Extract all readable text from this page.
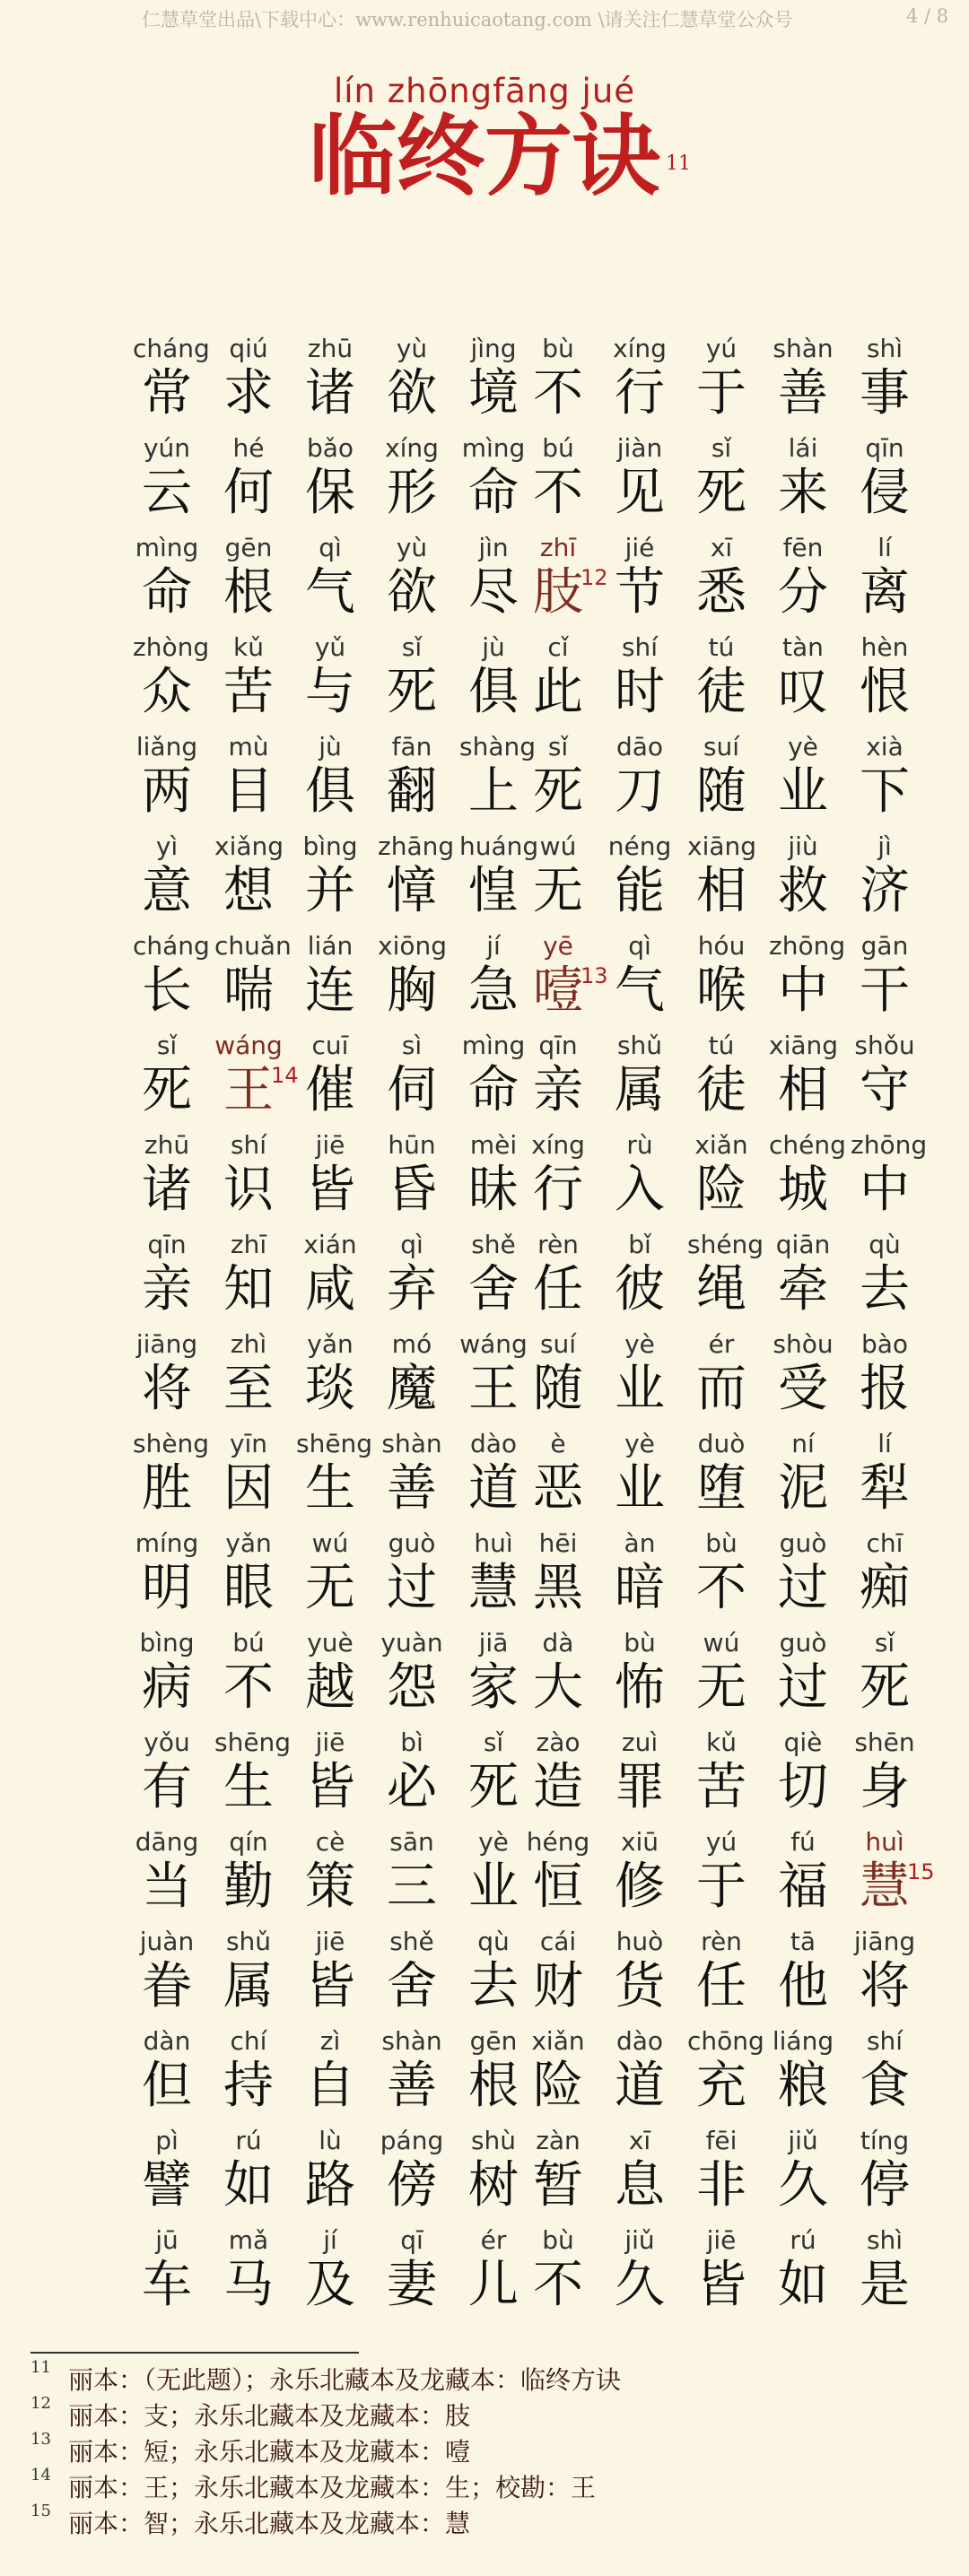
仁慧草堂出品\下载中心：www.renhuicaotang.com \请关注仁慧草堂公众号	4 / 8
lín zhōngfāng jué
临终方诀 11
cháng
常
qiú
求
zhū
诸
yù
欲
jìng
境
bù
不
xíng
行
yú
于
shàn
善
shì
事
yún
云
hé
何
bǎo
保
xíng
形
mìng
命
bú
不
jiàn
见
sǐ
死
lái
来
qīn
侵
mìng
命
gēn
根
qì
气
yù
欲
jìn
尽
zhī
肢
12
jié
节
xī
悉
fēn
分
lí
离
zhòng
众
kǔ
苦
yǔ
与
sǐ
死
jù
俱
cǐ
此
shí
时
tú
徒
tàn
叹
hèn
恨
liǎng
两
mù
目
jù
俱
fān
翻
shàng
上
sǐ
死
dāo
刀
suí
随
yè
业
xià
下
yì
意
xiǎng
想
bìng
并
zhāng
慞
huáng
惶
wú
无
néng
能
xiāng
相
jiù
救
jì
济
cháng
长
chuǎn
喘
lián
连
xiōng
胸
jí
急
yē
噎
13
qì
气
hóu
喉
zhōng
中
gān
干
sǐ
死
wáng
王
14
cuī
催
sì
伺
mìng
命
qīn
亲
shǔ
属
tú
徒
xiāng
相
shǒu
守
zhū
诸
shí
识
jiē
皆
hūn
昏
mèi
昧
xíng
行
rù
入
xiǎn
险
chéng
城
zhōng
中
qīn
亲
zhī
知
xián
咸
qì
弃
shě
舍
rèn
任
bǐ
彼
shéng
绳
qiān
牵
qù
去
jiāng
将
zhì
至
yǎn
琰
mó
魔
wáng
王
suí
随
yè
业
ér
而
shòu
受
bào
报
shèng
胜
yīn
因
shēng
生
shàn
善
dào
道
è
恶
yè
业
duò
堕
ní
泥
lí
犁
míng
明
yǎn
眼
wú
无
guò
过
huì
慧
hēi
黑
àn
暗
bù
不
guò
过
chī
痴
bìng
病
bú
不
yuè
越
yuàn
怨
jiā
家
dà
大
bù
怖
wú
无
guò
过
sǐ
死
yǒu
有
shēng
生
jiē
皆
bì
必
sǐ
死
zào
造
zuì
罪
kǔ
苦
qiè
切
shēn
身
dāng
当
qín
勤
cè
策
sān
三
yè
业
héng
恒
xiū
修
yú
于
fú
福
huì
慧
15
juàn
眷
shǔ
属
jiē
皆
shě
舍
qù
去
cái
财
huò
货
rèn
任
tā
他
jiāng
将
dàn
但
chí
持
zì
自
shàn
善
gēn
根
xiǎn
险
dào
道
chōng
充
liáng
粮
shí
食
pì
譬
rú
如
lù
路
páng
傍
shù
树
zàn
暂
xī
息
fēi
非
jiǔ
久
tíng
停
jū
车
mǎ
马
jí
及
qī
妻
ér
儿
bù
不
jiǔ
久
jiē
皆
rú
如
shì
是
11 丽本：（无此题）；永乐北藏本及龙藏本：临终方诀
12 丽本：支；永乐北藏本及龙藏本：肢
13 丽本：短；永乐北藏本及龙藏本：噎
14 丽本：王；永乐北藏本及龙藏本：生；校勘：王
15 丽本：智；永乐北藏本及龙藏本：慧
